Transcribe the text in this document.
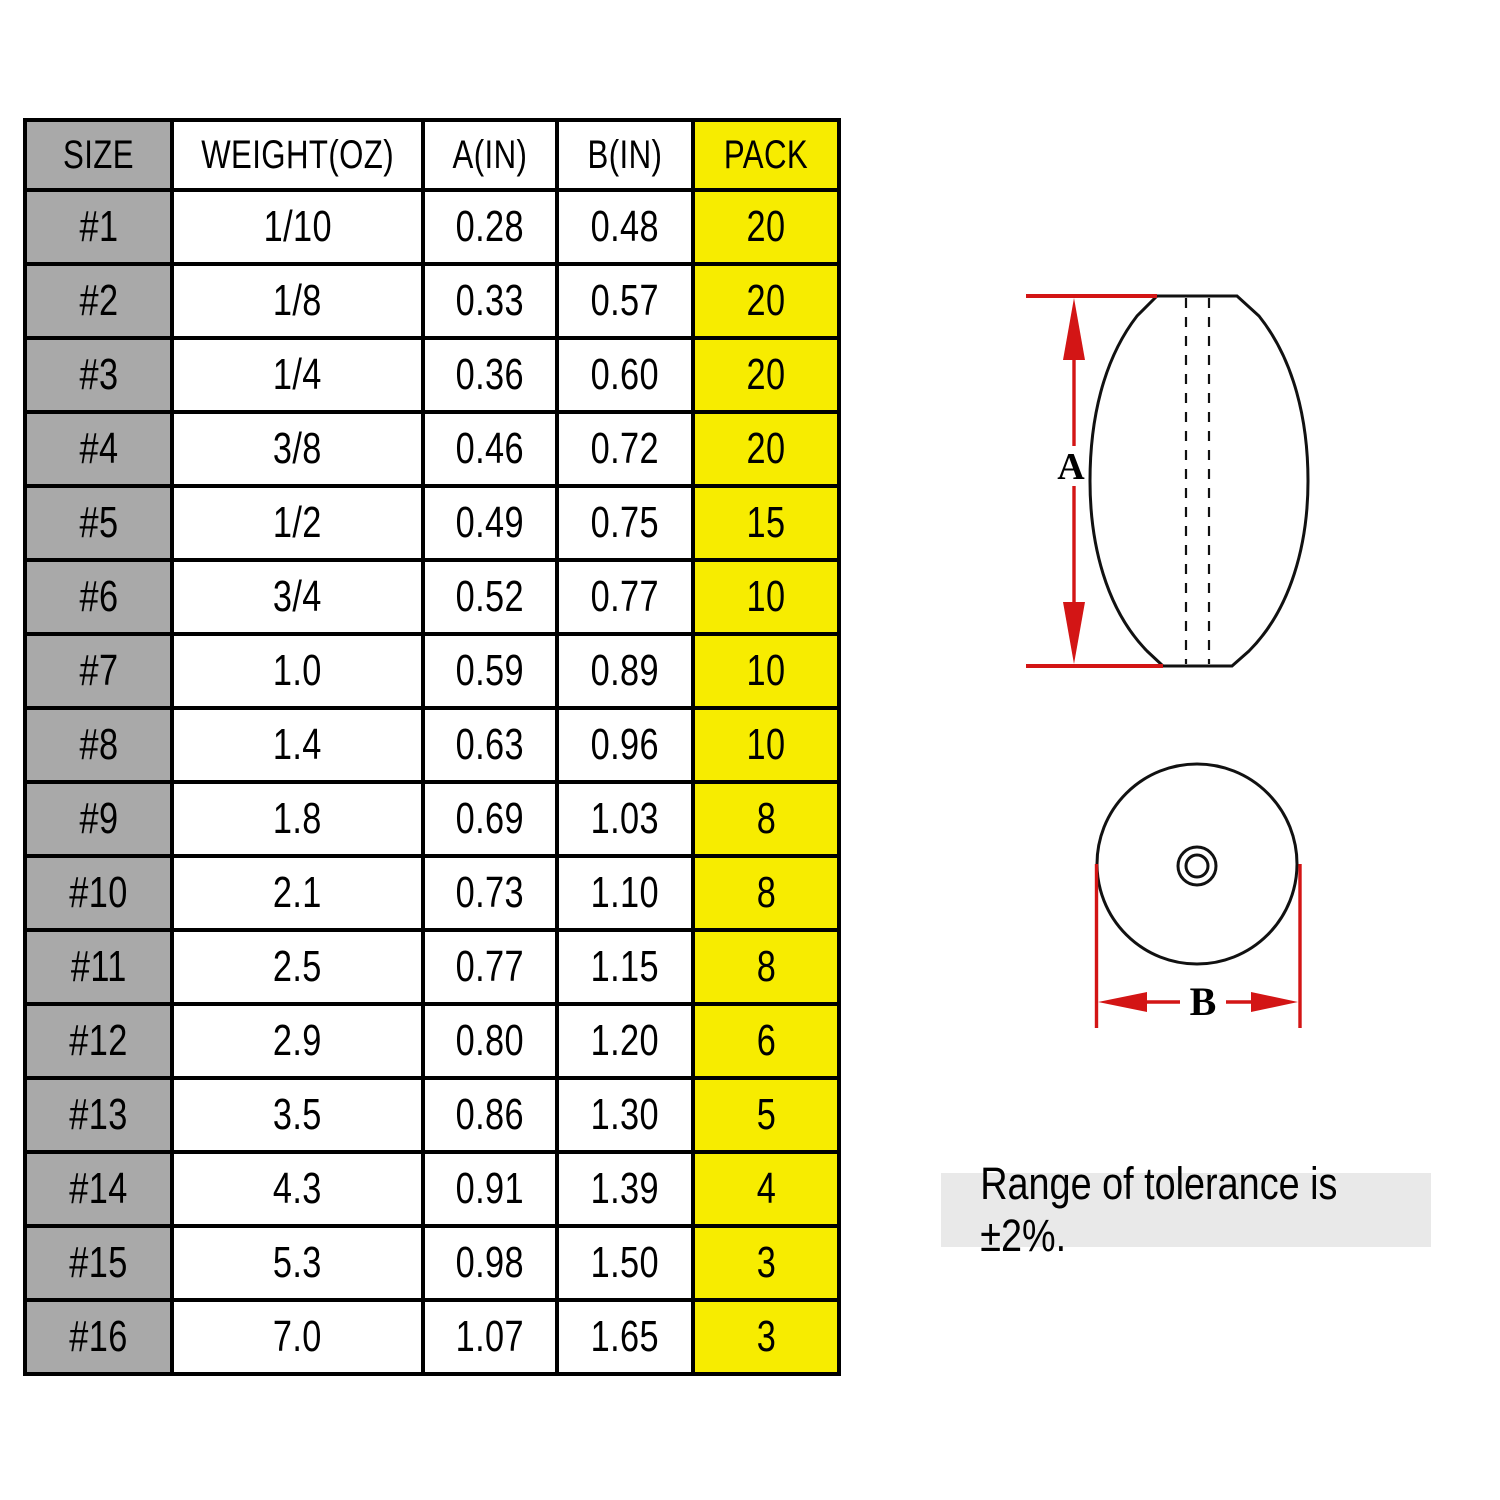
SIZE	WEIGHT(OZ)	A(IN)	B(IN)	PACK
#1	1/10	0.28	0.48	20
#2	1/8	0.33	0.57	20
#3	1/4	0.36	0.60	20
#4	3/8	0.46	0.72	20
#5	1/2	0.49	0.75	15
#6	3/4	0.52	0.77	10
#7	1.0	0.59	0.89	10
#8	1.4	0.63	0.96	10
#9	1.8	0.69	1.03	8
#10	2.1	0.73	1.10	8
#11	2.5	0.77	1.15	8
#12	2.9	0.80	1.20	6
#13	3.5	0.86	1.30	5
#14	4.3	0.91	1.39	4
#15	5.3	0.98	1.50	3
#16	7.0	1.07	1.65	3
A
B
Range of tolerance is ±2%.
